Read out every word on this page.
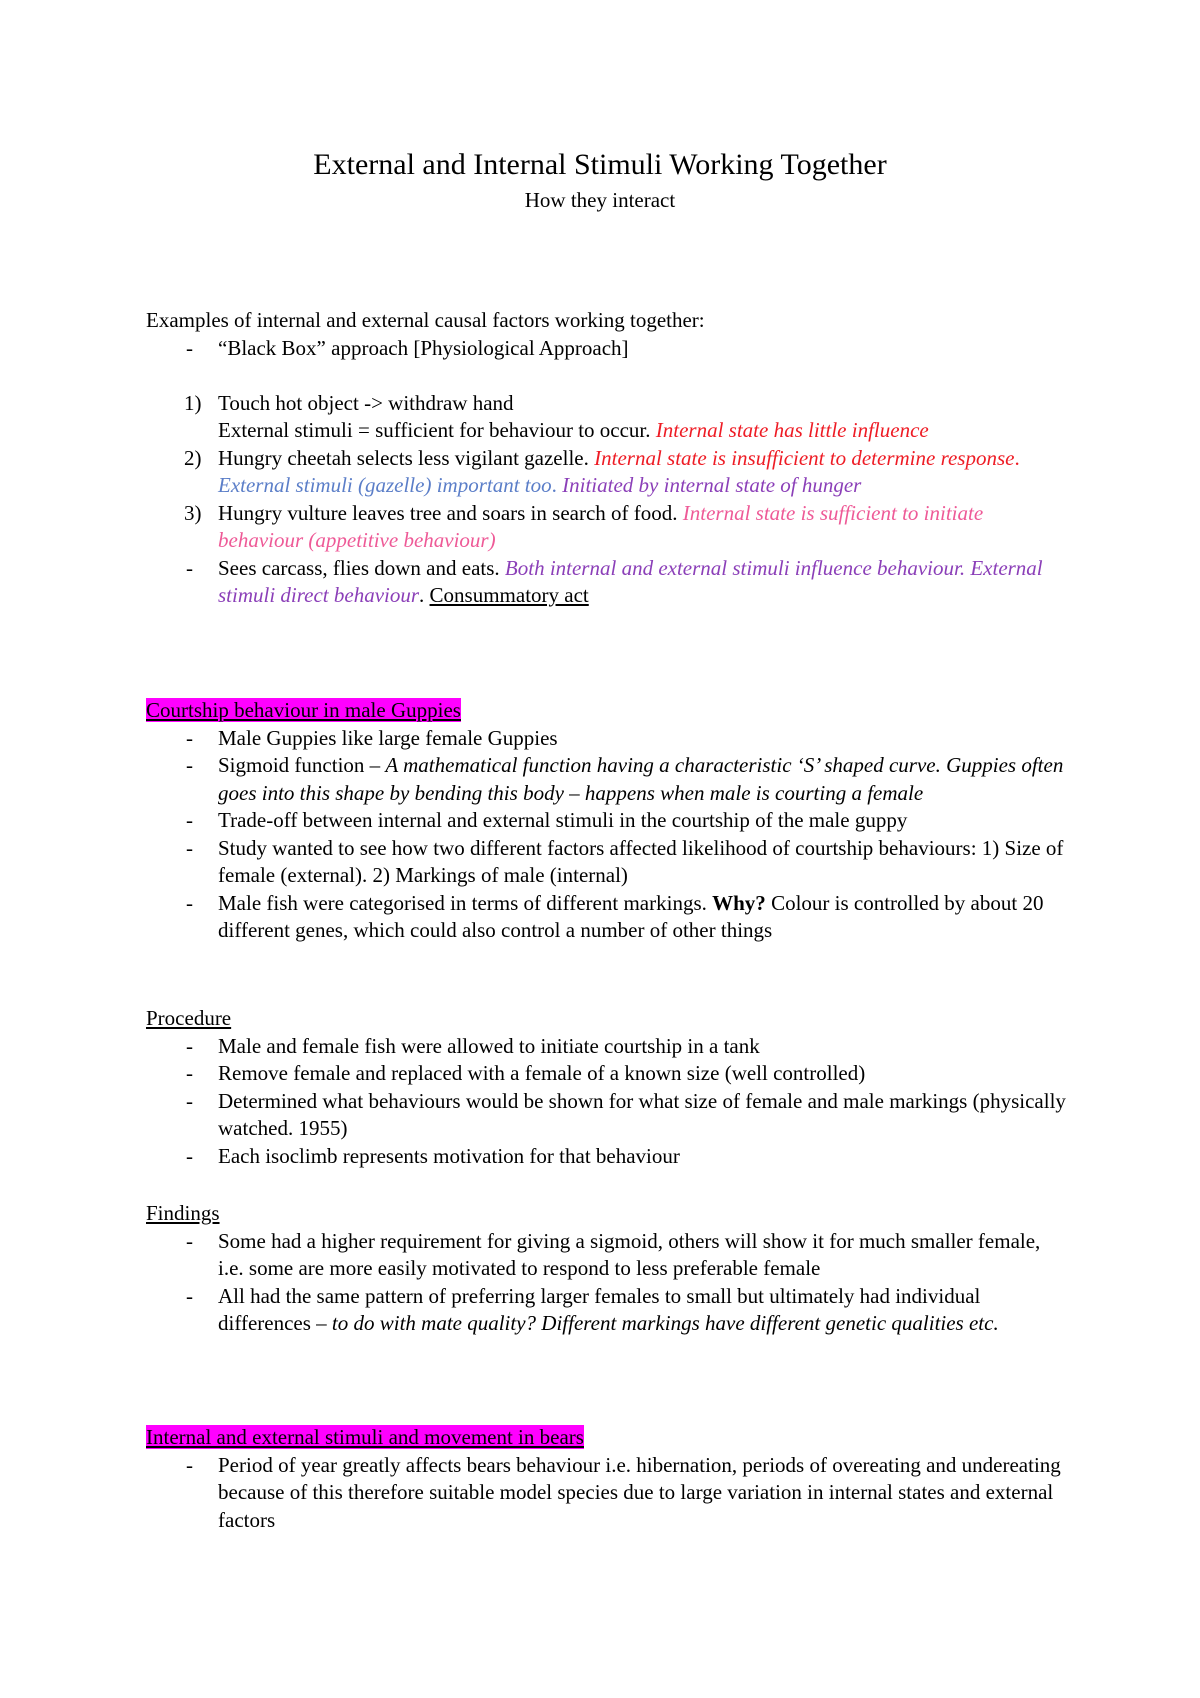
External and Internal Stimuli Working Together
How they interact

Examples of internal and external causal factors working together:

- “Black Box” approach [Physiological Approach]

1) Touch hot object -> withdraw hand
External stimuli = sufficient for behaviour to occur. Internal state has little influence
2) Hungry cheetah selects less vigilant gazelle. Internal state is insufficient to determine response. External stimuli (gazelle) important too. Initiated by internal state of hunger
3) Hungry vulture leaves tree and soars in search of food. Internal state is sufficient to initiate behaviour (appetitive behaviour)
- Sees carcass, flies down and eats. Both internal and external stimuli influence behaviour. External stimuli direct behaviour. Consummatory act

Courtship behaviour in male Guppies

- Male Guppies like large female Guppies
- Sigmoid function – A mathematical function having a characteristic ‘S’ shaped curve. Guppies often goes into this shape by bending this body – happens when male is courting a female
- Trade-off between internal and external stimuli in the courtship of the male guppy
- Study wanted to see how two different factors affected likelihood of courtship behaviours: 1) Size of female (external). 2) Markings of male (internal)
- Male fish were categorised in terms of different markings. Why? Colour is controlled by about 20 different genes, which could also control a number of other things

Procedure

- Male and female fish were allowed to initiate courtship in a tank
- Remove female and replaced with a female of a known size (well controlled)
- Determined what behaviours would be shown for what size of female and male markings (physically watched. 1955)
- Each isoclimb represents motivation for that behaviour

Findings

- Some had a higher requirement for giving a sigmoid, others will show it for much smaller female, i.e. some are more easily motivated to respond to less preferable female
- All had the same pattern of preferring larger females to small but ultimately had individual differences – to do with mate quality? Different markings have different genetic qualities etc.

Internal and external stimuli and movement in bears

- Period of year greatly affects bears behaviour i.e. hibernation, periods of overeating and undereating because of this therefore suitable model species due to large variation in internal states and external factors
